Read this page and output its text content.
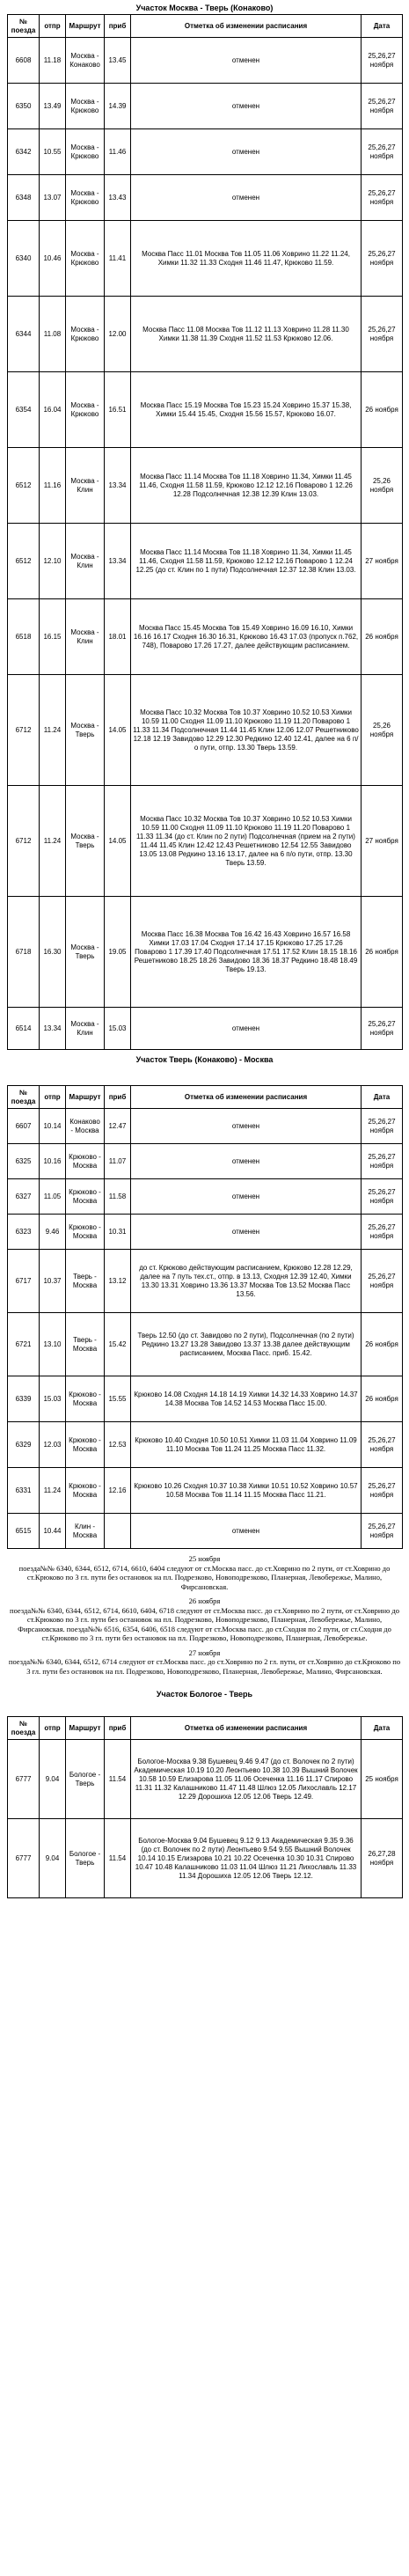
Участок Москва - Тверь (Конаково)
№ поезда	отпр	Маршрут	приб	Отметка об изменении расписания	Дата
6608	11.18	Москва - Конаково	13.45	отменен	25,26,27 ноября
6350	13.49	Москва - Крюково	14.39	отменен	25,26,27 ноября
6342	10.55	Москва - Крюково	11.46	отменен	25,26,27 ноября
6348	13.07	Москва - Крюково	13.43	отменен	25,26,27 ноября
6340	10.46	Москва - Крюково	11.41	Москва Пасс 11.01 Москва Тов 11.05 11.06 Ховрино 11.22 11.24, Химки 11.32 11.33 Сходня 11.46 11.47, Крюково 11.59.	25,26,27 ноября
6344	11.08	Москва - Крюково	12.00	Москва Пасс 11.08 Москва Тов 11.12 11.13 Ховрино 11.28 11.30 Химки 11.38 11.39 Сходня 11.52 11.53 Крюково 12.06.	25,26,27 ноября
6354	16.04	Москва - Крюково	16.51	Москва Пасс 15.19 Москва Тов 15.23 15.24 Ховрино 15.37 15.38, Химки 15.44 15.45, Сходня 15.56 15.57, Крюково 16.07.	26 ноября
6512	11.16	Москва - Клин	13.34	Москва Пасс 11.14 Москва Тов 11.18 Ховрино 11.34, Химки 11.45 11.46, Сходня 11.58 11.59, Крюково 12.12 12.16 Поварово 1 12.26 12.28 Подсолнечная 12.38 12.39 Клин 13.03.	25,26 ноября
6512	12.10	Москва - Клин	13.34	Москва Пасс 11.14 Москва Тов 11.18 Ховрино 11.34, Химки 11.45 11.46, Сходня 11.58 11.59, Крюково 12.12 12.16 Поварово 1 12.24 12.25 (до ст. Клин по 1 пути) Подсолнечная 12.37 12.38 Клин 13.03.	27 ноября
6518	16.15	Москва - Клин	18.01	Москва Пасс 15.45 Москва Тов 15.49 Ховрино 16.09 16.10, Химки 16.16 16.17 Сходня 16.30 16.31, Крюково 16.43 17.03 (пропуск п.762, 748), Поварово 17.26 17.27, далее действующим расписанием.	26 ноября
6712	11.24	Москва - Тверь	14.05	Москва Пасс 10.32 Москва Тов 10.37 Ховрино 10.52 10.53 Химки 10.59 11.00 Сходня 11.09 11.10 Крюково 11.19 11.20 Поварово 1 11.33 11.34 Подсолнечная 11.44 11.45 Клин 12.06 12.07 Решетниково 12.18 12.19 Завидово 12.29 12.30 Редкино 12.40 12.41, далее на 6 п/о пути, отпр. 13.30 Тверь 13.59.	25,26 ноября
6712	11.24	Москва - Тверь	14.05	Москва Пасс 10.32 Москва Тов 10.37 Ховрино 10.52 10.53 Химки 10.59 11.00 Сходня 11.09 11.10 Крюково 11.19 11.20 Поварово 1 11.33 11.34 (до ст. Клин по 2 пути) Подсолнечная (прием на 2 пути) 11.44 11.45 Клин 12.42 12.43 Решетниково 12.54 12.55 Завидово 13.05 13.08 Редкино 13.16 13.17, далее на 6 п/о пути, отпр. 13.30 Тверь 13.59.	27 ноября
6718	16.30	Москва - Тверь	19.05	Москва Пасс 16.38 Москва Тов 16.42 16.43 Ховрино 16.57 16.58 Химки 17.03 17.04 Сходня 17.14 17.15 Крюково 17.25 17.26 Поварово 1 17.39 17.40 Подсолнечная 17.51 17.52 Клин 18.15 18.16 Решетниково 18.25 18.26 Завидово 18.36 18.37 Редкино 18.48 18.49 Тверь 19.13.	26 ноября
6514	13.34	Москва - Клин	15.03	отменен	25,26,27 ноября
Участок Тверь (Конаково) - Москва
№ поезда	отпр	Маршрут	приб	Отметка об изменении расписания	Дата
6607	10.14	Конаково - Москва	12.47	отменен	25,26,27 ноября
6325	10.16	Крюково - Москва	11.07	отменен	25,26,27 ноября
6327	11.05	Крюково - Москва	11.58	отменен	25,26,27 ноября
6323	9.46	Крюково - Москва	10.31	отменен	25,26,27 ноября
6717	10.37	Тверь - Москва	13.12	до ст. Крюково действующим расписанием, Крюково 12.28 12.29, далее на 7 путь тех.ст., отпр. в 13.13, Сходня 12.39 12.40, Химки 13.30 13.31 Ховрино 13.36 13.37 Москва Тов 13.52 Москва Пасс 13.56.	25,26,27 ноября
6721	13.10	Тверь - Москва	15.42	Тверь 12.50 (до ст. Завидово по 2 пути), Подсолнечная (по 2 пути) Редкино 13.27 13.28 Завидово 13.37 13.38 далее действующим расписанием, Москва Пасс. приб. 15.42.	26 ноября
6339	15.03	Крюково - Москва	15.55	Крюково 14.08 Сходня 14.18 14.19 Химки 14.32 14.33 Ховрино 14.37 14.38 Москва Тов 14.52 14.53 Москва Пасс 15.00.	26 ноября
6329	12.03	Крюково - Москва	12.53	Крюково 10.40 Сходня 10.50 10.51 Химки 11.03 11.04 Ховрино 11.09 11.10 Москва Тов 11.24 11.25 Москва Пасс 11.32.	25,26,27 ноября
6331	11.24	Крюково - Москва	12.16	Крюково 10.26 Сходня 10.37 10.38 Химки 10.51 10.52 Ховрино 10.57 10.58 Москва Тов 11.14 11.15 Москва Пасс 11.21.	25,26,27 ноября
6515	10.44	Клин - Москва		отменен	25,26,27 ноября
25 ноября
поезда№№ 6340, 6344, 6512, 6714, 6610, 6404 следуют от ст.Москва пасс. до ст.Ховрино по 2 пути, от ст.Ховрино до ст.Крюково по 3 гл. пути без остановок на пл. Подрезково, Новоподрезково, Планерная, Левобережье, Малино, Фирсановская.
26 ноября
поезда№№ 6340, 6344, 6512, 6714, 6610, 6404, 6718 следуют от ст.Москва пасс. до ст.Ховрино по 2 пути, от ст.Ховрино до ст.Крюково по 3 гл. пути без остановок на пл. Подрезково, Новоподрезково, Планерная, Левобережье, Малино, Фирсановская. поезда№№ 6516, 6354, 6406, 6518 следуют от ст.Москва пасс. до ст.Сходня по 2 пути, от ст.Сходня до ст.Крюково по 3 гл. пути без остановок на пл. Подрезково, Новоподрезково, Планерная, Левобережье.
27 ноября
поезда№№ 6340, 6344, 6512, 6714 следуют от ст.Москва пасс. до ст.Ховрино по 2 гл. пути, от ст.Ховрино до ст.Крюково по 3 гл. пути без остановок на пл. Подрезково, Новоподрезково, Планерная, Левобережье, Малино, Фирсановская.
Участок Бологое - Тверь
№ поезда	отпр	Маршрут	приб	Отметка об изменении расписания	Дата
6777	9.04	Бологое - Тверь	11.54	Бологое-Москва 9.38 Бушевец 9.46 9.47 (до ст. Волочек по 2 пути) Академическая 10.19 10.20 Леонтьево 10.38 10.39 Вышний Волочек 10.58 10.59 Елизарова 11.05 11.06 Осеченка 11.16 11.17 Спирово 11.31 11.32 Калашниково 11.47 11.48 Шлюз 12.05 Лихославль 12.17 12.29 Дорошиха 12.05 12.06 Тверь 12.49.	25 ноября
6777	9.04	Бологое - Тверь	11.54	Бологое-Москва 9.04 Бушевец 9.12 9.13 Академическая 9.35 9.36 (до ст. Волочек по 2 пути) Леонтьево 9.54 9.55 Вышний Волочек 10.14 10.15 Елизарова 10.21 10.22 Осеченка 10.30 10.31 Спирово 10.47 10.48 Калашниково 11.03 11.04 Шлюз 11.21 Лихославль 11.33 11.34 Дорошиха 12.05 12.06 Тверь 12.12.	26,27,28 ноября
